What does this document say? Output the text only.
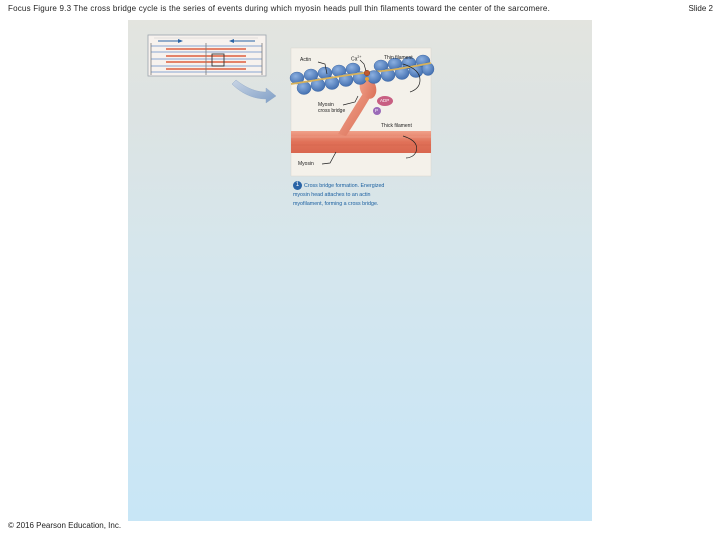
Focus Figure 9.3 The cross bridge cycle is the series of events during which myosin heads pull thin filaments toward the center of the sarcomere.	Slide 2
Actin	$Ca^{2+}$	Thin filament
ADP
P
Myosin
cross bridge
Thick filament
Myosin
1 Cross bridge formation. Energized
myosin head attaches to an actin
myofilament, forming a cross bridge.
© 2016 Pearson Education, Inc.
